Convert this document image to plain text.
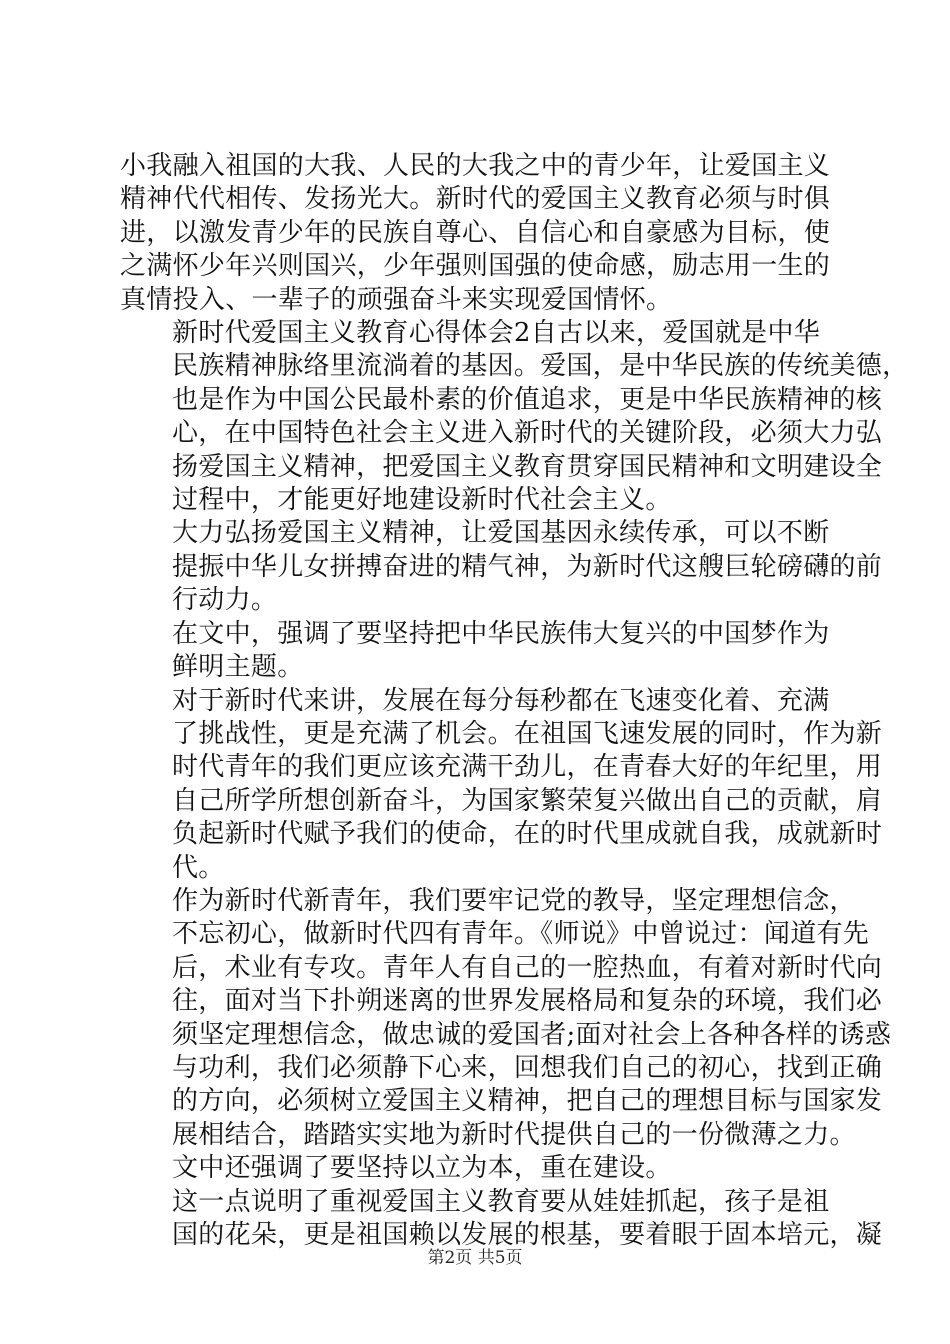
小我融入祖国的大我、人民的大我之中的青少年，让爱国主义
精神代代相传、发扬光大。新时代的爱国主义教育必须与时俱
进，以激发青少年的民族自尊心、自信心和自豪感为目标，使
之满怀少年兴则国兴，少年强则国强的使命感，励志用一生的
真情投入、一辈子的顽强奋斗来实现爱国情怀。

新时代爱国主义教育心得体会2自古以来，爱国就是中华
民族精神脉络里流淌着的基因。爱国，是中华民族的传统美德，
也是作为中国公民最朴素的价值追求，更是中华民族精神的核
心，在中国特色社会主义进入新时代的关键阶段，必须大力弘
扬爱国主义精神，把爱国主义教育贯穿国民精神和文明建设全
过程中，才能更好地建设新时代社会主义。

大力弘扬爱国主义精神，让爱国基因永续传承，可以不断
提振中华儿女拼搏奋进的精气神，为新时代这艘巨轮磅礴的前
行动力。

在文中，强调了要坚持把中华民族伟大复兴的中国梦作为
鲜明主题。

对于新时代来讲，发展在每分每秒都在飞速变化着、充满
了挑战性，更是充满了机会。在祖国飞速发展的同时，作为新
时代青年的我们更应该充满干劲儿，在青春大好的年纪里，用
自己所学所想创新奋斗，为国家繁荣复兴做出自己的贡献，肩
负起新时代赋予我们的使命，在的时代里成就自我，成就新时
代。

作为新时代新青年，我们要牢记党的教导，坚定理想信念，
不忘初心，做新时代四有青年。《师说》中曾说过：闻道有先
后，术业有专攻。青年人有自己的一腔热血，有着对新时代向
往，面对当下扑朔迷离的世界发展格局和复杂的环境，我们必
须坚定理想信念，做忠诚的爱国者;面对社会上各种各样的诱惑
与功利，我们必须静下心来，回想我们自己的初心，找到正确
的方向，必须树立爱国主义精神，把自己的理想目标与国家发
展相结合，踏踏实实地为新时代提供自己的一份微薄之力。

文中还强调了要坚持以立为本，重在建设。

这一点说明了重视爱国主义教育要从娃娃抓起，孩子是祖
国的花朵，更是祖国赖以发展的根基，要着眼于固本培元，凝

第2页 共5页
